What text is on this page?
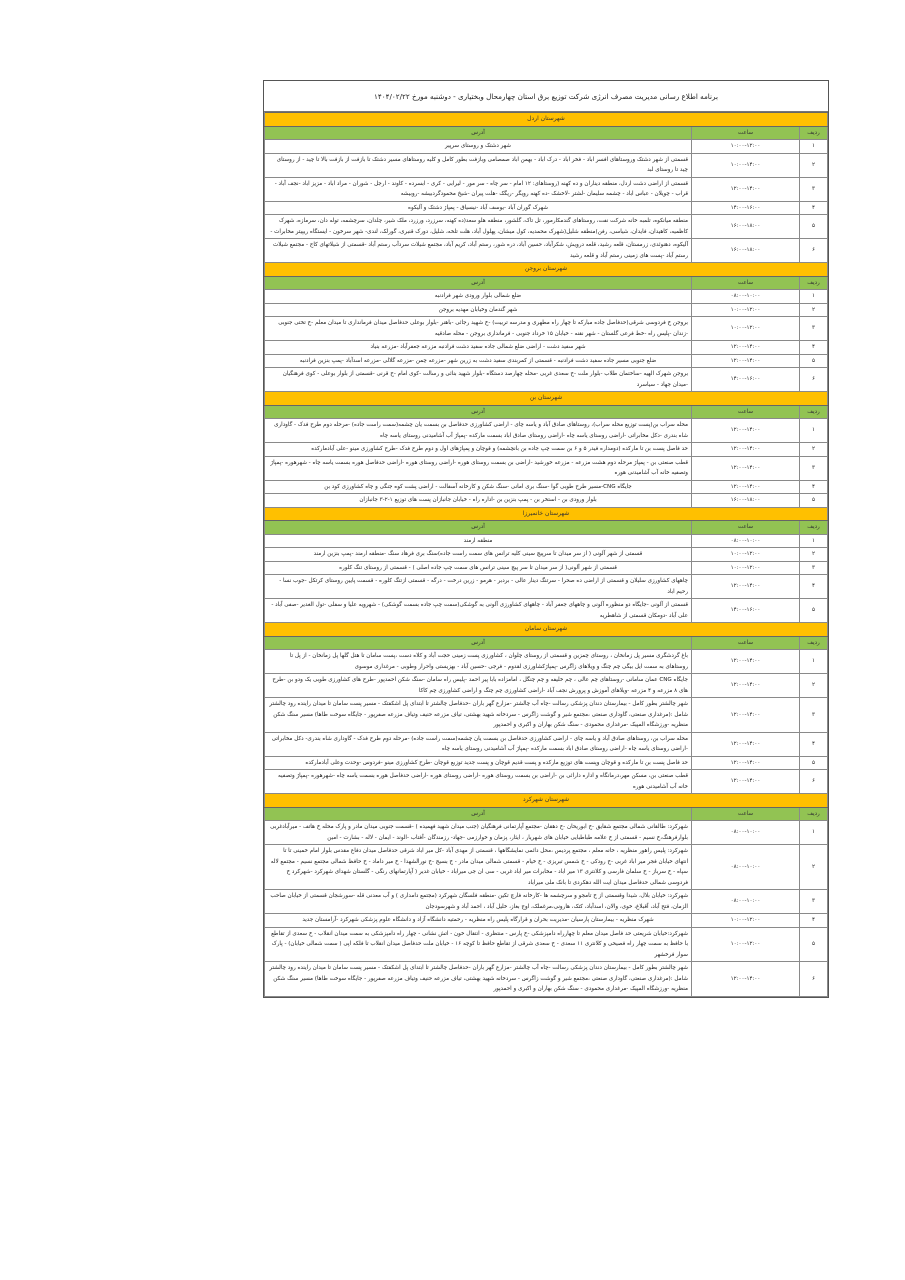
برنامه اطلاع رسانی مدیریت مصرف انرژی شرکت توزیع برق استان چهارمحال وبختیاری - دوشنبه مورخ ۱۴۰۴/۰۲/۲۲
شهرستان اردل		
ردیف	ساعت	آدرس
۱	۱۰:۰۰-۱۲:۰۰	شهر دشتک و روستای سرپیر
۲	۱۰:۰۰-۱۴:۰۰	قسمتی از شهر دشتک وروستاهای افسر اباد - فخر اباد - درک اباد - بهمن اباد صمصامی وبازفت بطور کامل و کلیه روستاهای مسیر دشتک تا بازفت از بازفت بالا تا چید - از روستای چید تا روستای لبد
۳	۱۲:۰۰-۱۴:۰۰	قسمتی از اراضی دشت اردل، منطقه دیناران و ده کهنه (روستاهای: ۱۲ امام - سر چاه - سر مور - لیرابی - کری - ابسرده - کاوند - ارجل - شوران - مراد اباد - مزیز اباد -نجف آباد - قراب - چویلان - عباس اباد - چشمه سلیمان -لشتر -لاخشک -ده کهنه رویگر -ریگک -هلت پیران -شیخ محمودگردبیشه -روبیشه
۴	۱۴:۰۰-۱۶:۰۰	شهرک گوران آباد -یوسف آباد -نیسیاق - پمپاژ دشتک و آلیکوه
۵	۱۶:۰۰-۱۸:۰۰	منطقه میانکوه، تلمبه خانه شرکت نفت، روستاهای گندمکارمور، تل تاک، گلشور، منطقه هلو سعد(ده کهنه، سرزرد، ورزرد، ملک شیر، چلدان، سرچشمه، توله دان، سرمازه، شهرک کاظمیه، کاهیدان، فایدان، شیاسی، رفن)منطقه شلیل(شهرک محمدیه، کول میشان، پهلول آباد، هلت تلخه، شلیل، دورک قنبری، گورلک، لندی- شهر سرخون - ایستگاه ریپیتر مخابرات -
۶	۱۶:۰۰-۱۸:۰۰	آلیکوه، دهنوئدی، زرمستان، قلعه رشید، قلعه درویش، شکرآباد، حسین آباد، دره شور، رستم آباد، کریم آباد، مجتمع شیلات سردآب رستم آباد -قسمتی از شیلاتهای کاج - مجتمع شیلات رستم آباد -پست های زمینی رستم آباد و قلعه رشید
شهرستان بروجن		
ردیف	ساعت	آدرس
۱	۰۸:۰۰-۱۰:۰۰	ضلع شمالی بلوار ورودی شهر فرادنبه
۲	۱۰:۰۰-۱۲:۰۰	شهر گندمان وخیابان مهدیه بروجن
۳	۱۰:۰۰-۱۲:۰۰	بروجن خ فردوسی شرقی(حدفاصل جاده مبارکه تا چهار راه مطهری و مدرسه تربیت) -خ شهید رجائی -باهنر -بلوار بوعلی حدفاصل میدان فرمانداری تا میدان معلم -خ تختی جنوبی -زندان -پلیس راه -خط فرعی گلستان - شهر نقنه - خیابان ۱۵ خرداد جنوبی - فرمانداری بروجن - محله صادقیه
۴	۱۲:۰۰-۱۴:۰۰	شهر سفید دشت - اراضی ضلع شمالی جاده سفید دشت فرادنبه مزرعه جعفرآباد -مزرعه بنیاد
۵	۱۲:۰۰-۱۴:۰۰	ضلع جنوبی مسیر جاده سفید دشت فرادنبه - قسمتی از کمربندی سفید دشت به زرین شهر -مزرعه چمن -مزرعه گلالی -مزرعه اسدآباد -پمپ بنزین فرادنبه
۶	۱۴:۰۰-۱۶:۰۰	بروجن شهرک الهیه -ساختمان طلاب -بلوار ملت -خ سعدی غربی -محله چهارصد دستگاه -بلوار شهید بنائی و رسالت -کوی امام -خ قرنی -قسمتی از بلوار بوعلی - کوی فرهنگیان -میدان جهاد - سیاسرد
شهرستان بن		
ردیف	ساعت	آدرس
۱	۱۲:۰۰-۱۴:۰۰	محله سراب بن(پست توزیع محله سراب)، روستاهای صادق آباد و یاسه چای - اراضی کشاورزی حدفاصل بن بسمت یان چشمه(سمت راست جاده) -مرحله دوم طرح فدک - گاوداری شاه بندری -دکل مخابراتی -اراضی روستای یاسه چاه -اراضی روستای صادق اباد بسمت مارکده -پمپاژ آب آشامیدنی روستای یاسه چاه
۲	۱۲:۰۰-۱۴:۰۰	حد فاصل پست بن تا مارکده (دومداره فیدر ۵ و ۶ بن سمت چپ جاده بن بانچشمه) و قوچان و پمپاژهای اول و دوم طرح فدک -طرح کشاورزی مینو -علی آبادمارکده
۳	۱۲:۰۰-۱۴:۰۰	قطب صنعتی بن - پمپاژ مرحله دوم هشت مزرعه - مزرعه خورشید -اراضی بن بسمت روستای هوره -اراضی روستای هوره -اراضی حدفاصل هوره بسمت یاسه چاه - شهرهوره -پمپاژ وتصفیه خانه آب آشامیدنی هوره
۴	۱۲:۰۰-۱۴:۰۰	جایگاه CNG-مسیر طرح طوبی گوا -سنگ بری امانی -سنگ شکن و کارخانه آسفالت - اراضی پشت کوه جنگی و چاه کشاورزی کود بن
۵	۱۶:۰۰-۱۸:۰۰	بلوار ورودی بن - استخر بن - پمپ بنزین بن -اداره راه - خیابان جانبازان پست های توزیع ۱-۲-۳ جانبازان
شهرستان خانمیرزا		
ردیف	ساعت	آدرس
۱	۰۸:۰۰-۱۰:۰۰	منطقه ارمند
۲	۱۰:۰۰-۱۲:۰۰	قسمتی از شهر آلونی ( از سر میدان تا سرپیچ سینی کلیه ترانس های سمت راست جاده)سنگ بری فرهاد سنگ -منطقه ارمند -پمپ بنزین ارمند
۳	۱۰:۰۰-۱۲:۰۰	قسمتی از شهر آلونی( از سر میدان تا سر پیچ سینی ترانس های سمت چپ جاده اصلی ) - قسمتی از روستای تنگ کلوره
۴	۱۲:۰۰-۱۴:۰۰	چاههای کشاورزی سلیلان و قسمتی از اراضی ده صحرا - سرتنگ دینار عالی - بردبر - هرمو - زرین درخت - درگه - قسمتی ازتنگ کلوره - قسمت پایین روستای کرتکل -جوب نسا - رحیم اباد
۵	۱۴:۰۰-۱۶:۰۰	قسمتی از آلونی -جایگاه دو منظوره آلونی و چاههای جعفر آباد - چاههای کشاورزی آلونی به گوشکی(سمت چپ جاده بسمت گوشکی) - شهرویه علیا و سفلی -تول الغدیر -صفی آباد - علی آباد -دومکان قسمتی از شاهطریه
شهرستان سامان		
ردیف	ساعت	آدرس
۱	۱۲:۰۰-۱۴:۰۰	باغ گردشگری مسیر پل زمانخان ، روستای چمزین و قسمتی از روستای چلوان ، کشاورزی پست زمینی حجت آباد و کلاه دست ،پست سامان تا هتل گلها پل زمانخان - از پل تا روستاهای به سمت ایل بیگی چم چنگ و ویلاهای زاگرس -پمپاژکشاورزی لقدوم - فرجی -حسین آباد - بهزیستی واحرار وطوبی - مرغداری موسوی
۲	۱۲:۰۰-۱۴:۰۰	جایگاه CNG عمان سامانی -روستاهای چم عالی ، چم خلیفه و چم چنگل ، امامزاده بابا پیر احمد -پلیس راه سامان -سنگ شکن احمدپور -طرح های کشاورزی طوبی یک ودو بن -طرح های ۸ مزرعه و ۴ مزرعه -ویلاهای آموزش و پرورش نجف آباد -اراضی کشاورزی چم چنگ و اراضی کشاورزی چم کاکا
۳	۱۲:۰۰-۱۴:۰۰	شهر چالشتر بطور کامل - بیمارستان دندان پزشکی رسالت -چاه آب چالشتر -مزارع گهر باران -حدفاصل چالشتر تا ابتدای پل اشکفتک - مسیر پست سامان تا میدان راینده رود چالشتر شامل :(مرغداری صنعتی، گاوداری صنعتی ،مجتمع شیر و گوشت زاگرس - سردخانه شهید بهشتی، تیاف مزرعه حنیف وتیاف مزرعه صفرپور - جایگاه سوخت طاها) مسیر سنگ شکن منظریه -ورزشگاه المپیک -مرغداری محمودی - سنگ شکن بهاران و اکبری و احمدپور
۴	۱۲:۰۰-۱۴:۰۰	محله سراب بن، روستاهای صادق آباد و یاسه چای - اراضی کشاورزی حدفاصل بن بسمت یان چشمه(سمت راست جاده) -مرحله دوم طرح فدک - گاوداری شاه بندری- دکل مخابراتی -اراضی روستای یاسه چاه -اراضی روستای صادق اباد بسمت مارکده -پمپاژ آب آشامیدنی روستای یاسه چاه
۵	۱۲:۰۰-۱۴:۰۰	حد فاصل پست بن تا مارکده و قوچان وپست های توزیع مارکده و پست قدیم قوچان و پست جدید توزیع قوچان -طرح کشاورزی مینو -فردوس -وحدت وعلی آبادمارکده
۶	۱۲:۰۰-۱۴:۰۰	قطب صنعتی بن، مسکن مهر،درمانگاه و اداره دارائی بن -اراضی بن بسمت روستای هوره -اراضی روستای هوره -اراضی حدفاصل هوره بسمت یاسه چاه -شهرهوره -پمپاژ وتصفیه خانه آب آشامیدنی هوره
شهرستان شهرکرد		
ردیف	ساعت	آدرس
۱	۰۸:۰۰-۱۰:۰۰	شهرکرد: طالقانی شمالی مجتمع شقایق -خ ابوریحان -خ دهقان -مجتمع آپارتمانی فرهنگیان (جنب میدان شهید فهمیده ) -قسمت جنوبی میدان مادر و پارک محله خ هاتف - میرآبادغربی بلوارفرهنگ،خ نسیم - قسمتی از خ علامه طباطبایی خیابان های شهریار ، ایثار، پزمان و خوارزمی -جهاد- رزمندگان -آفتاب -الوند - ایمان - لاله - بشارت - امین
۲	۰۸:۰۰-۱۰:۰۰	شهرکرد: پلیس راهور منظریه ، خانه معلم ، مجتمع پردیس ،محل دائمی نمایشگاهها ، قسمتی از مهدی آباد -کل میر اباد شرقی حدفاصل میدان دفاع مقدس بلوار امام خمینی تا تا انتهای خیابان فجر میر اباد غربی -خ رودکی - خ شمس تبریزی - خ خیام - قسمتی شمالی میدان مادر - خ بسیج -خ نورالشهدا - خ میر داماد - خ حافظ شمالی مجتمع نسیم - مجتمع لاله سپاه - خ سرباز - خ سلمان فارسی و کلانتری ۱۳ میر اباد - مخابرات میر اباد غربی - سی ان جی میراباد - خیابان غدیر ( آپارتمانهای رنگی - گلستان شهدای شهرکرد -شهرکرد خ فردوسی شمالی حدفاصل میدان ایت الله دهکردی تا بانک ملی میراباد
۳	۰۸:۰۰-۱۰:۰۰	شهرکرد: خیابان بلال، شیدا وقسمتی از خ تامجو و سرچشمه ها -کارخانه فارچ تکین -منطقه فلسگان شهرکرد (مجتمع دامداری ) و آب معدنی قله -سورشجان قسمتی از خیابان صاحب الزمان، فتح آباد، آقبلاغ، خوی، والان، اسدآباد، کتک، هارونی،مرغملک، اوج بغاز، خلیل آباد ، احمد آباد و شهرسودجان
۴	۱۰:۰۰-۱۲:۰۰	شهرک منظریه - بیمارستان پارسیان -مدیریت بحران و قرارگاه پلیس راه منظریه - رحمتیه دانشگاه آزاد و دانشگاه علوم پزشکی شهرکرد -آرامستان جدید
۵	۱۰:۰۰-۱۲:۰۰	شهرکرد:خیابان شریعتی حد فاصل میدان معلم تا چهارراه دامپزشکی -خ پارس - منتظری - انتقال خون - اتش نشانی - چهار راه دامپزشکی به سمت میدان انقلاب - خ سعدی از تقاطع با حافظ به سمت چهار راه فصیحی و کلانتری ۱۱ سعدی - خ سعدی شرقی از تقاطع حافظ تا کوچه ۱۶ - خیابان ملت حدفاصل میدان انقلاب تا فلکه اپی ( سمت شمالی خیابان) - پارک سوار فرخشهر
۶	۱۲:۰۰-۱۴:۰۰	شهر چالشتر بطور کامل - بیمارستان دندان پزشکی رسالت -چاه آب چالشتر -مزارع گهر باران -حدفاصل چالشتر تا ابتدای پل اشکفتک - مسیر پست سامان تا میدان راینده رود چالشتر شامل :(مرغداری صنعتی، گاوداری صنعتی ،مجتمع شیر و گوشت زاگرس - سردخانه شهید بهشتی، تیاف مزرعه حنیف وتیاف مزرعه صفرپور - جایگاه سوخت طاها) مسیر سنگ شکن منظریه -ورزشگاه المپیک -مرغداری محمودی - سنگ شکن بهاران و اکبری و احمدپور
